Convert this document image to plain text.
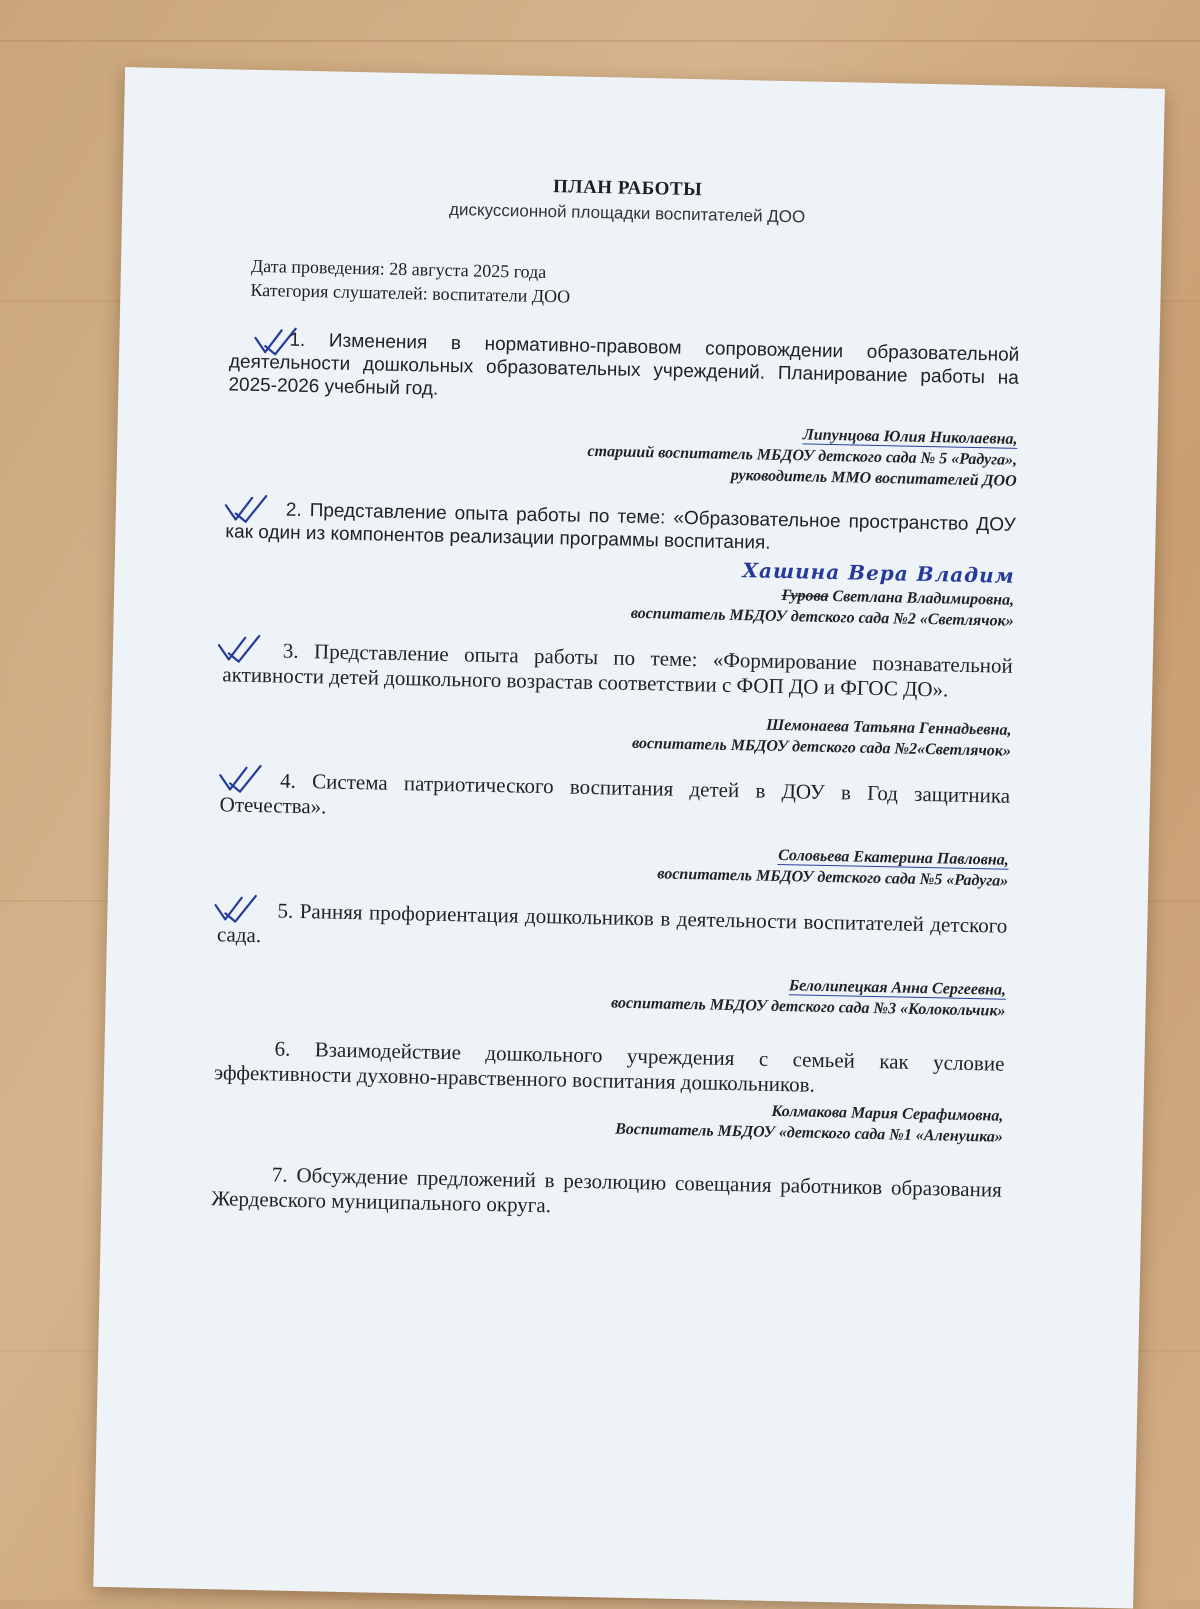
ПЛАН РАБОТЫ
дискуссионной площадки воспитателей ДОО
Дата проведения: 28 августа 2025 года
Категория слушателей: воспитатели ДОО
1. Изменения в нормативно-правовом сопровождении образовательной деятельности дошкольных образовательных учреждений. Планирование работы на 2025-2026 учебный год.
Липунцова Юлия Николаевна,
старший воспитатель МБДОУ детского сада № 5 «Радуга»,
руководитель ММО воспитателей ДОО
2. Представление опыта работы по теме: «Образовательное пространство ДОУ как один из компонентов реализации программы воспитания.
Хашина Вера Владим
Гурова Светлана Владимировна,
воспитатель МБДОУ детского сада №2 «Светлячок»
3. Представление опыта работы по теме: «Формирование познавательной активности детей дошкольного возрастав соответствии с ФОП ДО и ФГОС ДО».
Шемонаева Татьяна Геннадьевна,
воспитатель МБДОУ детского сада №2«Светлячок»
4. Система патриотического воспитания детей в ДОУ в Год защитника Отечества».
Соловьева Екатерина Павловна,
воспитатель МБДОУ детского сада №5 «Радуга»
5. Ранняя профориентация дошкольников в деятельности воспитателей детского сада.
Белолипецкая Анна Сергеевна,
воспитатель МБДОУ детского сада №3 «Колокольчик»
6. Взаимодействие дошкольного учреждения с семьей как условие эффективности духовно-нравственного воспитания дошкольников.
Колмакова Мария Серафимовна,
Воспитатель МБДОУ «детского сада №1 «Аленушка»
7. Обсуждение предложений в резолюцию совещания работников образования Жердевского муниципального округа.
